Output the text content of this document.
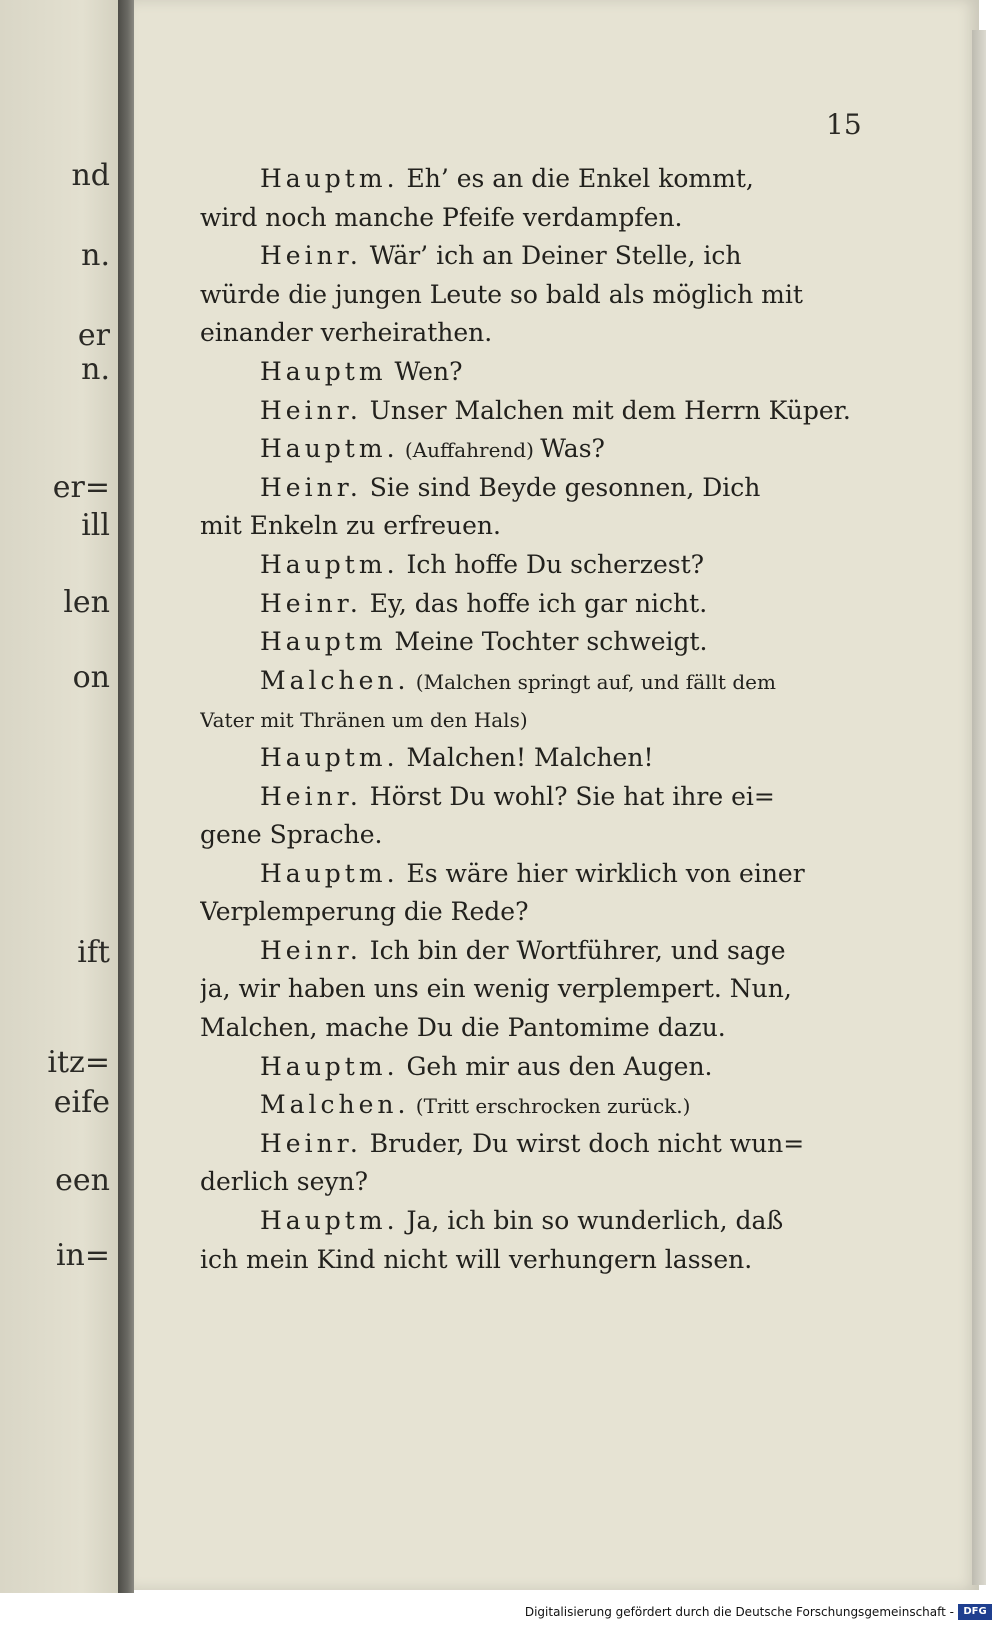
nd
n.
er
n.
er=
ill
len
on
ift
itz=
eife
een
in=
15
Hauptm. Eh’ es an die Enkel kommt,
wird noch manche Pfeife verdampfen.
Heinr. Wär’ ich an Deiner Stelle, ich
würde die jungen Leute so bald als möglich mit
einander verheirathen.
Hauptm Wen?
Heinr. Unser Malchen mit dem Herrn Küper.
Hauptm. (Auffahrend) Was?
Heinr. Sie sind Beyde gesonnen, Dich
mit Enkeln zu erfreuen.
Hauptm. Ich hoffe Du scherzest?
Heinr. Ey, das hoffe ich gar nicht.
Hauptm Meine Tochter schweigt.
Malchen. (Malchen springt auf, und fällt dem
Vater mit Thränen um den Hals)
Hauptm. Malchen! Malchen!
Heinr. Hörst Du wohl? Sie hat ihre ei=
gene Sprache.
Hauptm. Es wäre hier wirklich von einer
Verplemperung die Rede?
Heinr. Ich bin der Wortführer, und sage
ja, wir haben uns ein wenig verplempert. Nun,
Malchen, mache Du die Pantomime dazu.
Hauptm. Geh mir aus den Augen.
Malchen. (Tritt erschrocken zurück.)
Heinr. Bruder, Du wirst doch nicht wun=
derlich seyn?
Hauptm. Ja, ich bin so wunderlich, daß
ich mein Kind nicht will verhungern lassen.
Digitalisierung gefördert durch die Deutsche Forschungsgemeinschaft - DFG
